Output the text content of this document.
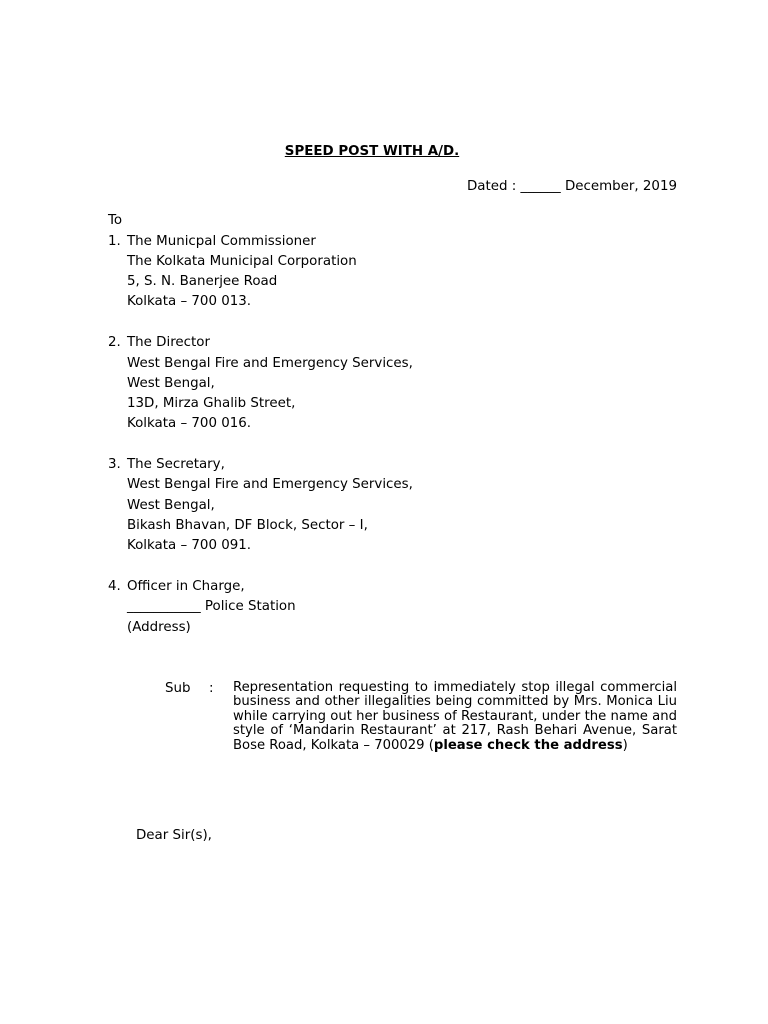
SPEED POST WITH A/D.
Dated : ______ December, 2019
To
1. The Municpal Commissioner
The Kolkata Municipal Corporation
5, S. N. Banerjee Road
Kolkata – 700 013.
2. The Director
West Bengal Fire and Emergency Services,
West Bengal,
13D, Mirza Ghalib Street,
Kolkata – 700 016.
3. The Secretary,
West Bengal Fire and Emergency Services,
West Bengal,
Bikash Bhavan, DF Block, Sector – I,
Kolkata – 700 091.
4. Officer in Charge,
___________ Police Station
(Address)
Sub : Representation requesting to immediately stop illegal commercial business and other illegalities being committed by Mrs. Monica Liu while carrying out her business of Restaurant, under the name and style of ‘Mandarin Restaurant’ at 217, Rash Behari Avenue, Sarat Bose Road, Kolkata – 700029 (please check the address)
Dear Sir(s),
